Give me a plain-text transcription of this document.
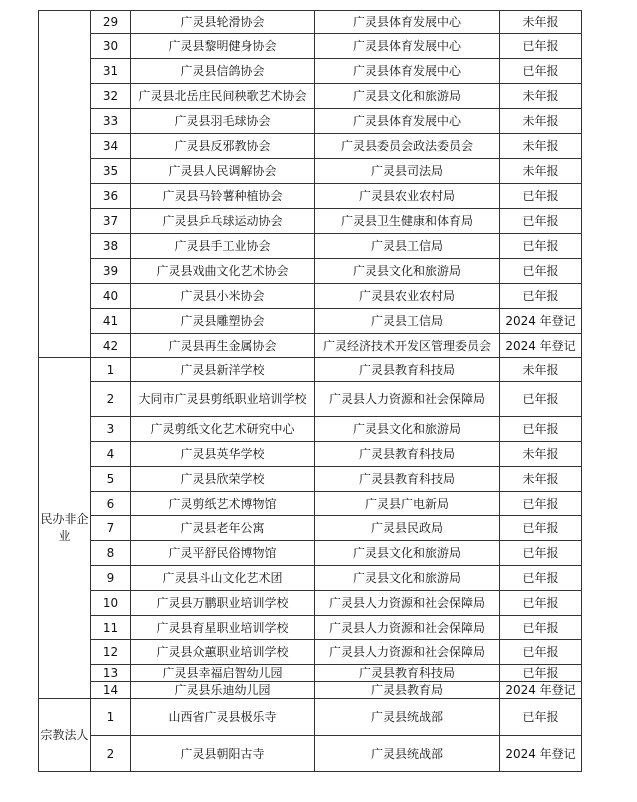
	29	广灵县轮滑协会	广灵县体育发展中心	未年报
	30	广灵县黎明健身协会	广灵县体育发展中心	已年报
	31	广灵县信鸽协会	广灵县体育发展中心	已年报
	32	广灵县北岳庄民间秧歌艺术协会	广灵县文化和旅游局	未年报
	33	广灵县羽毛球协会	广灵县体育发展中心	未年报
	34	广灵县反邪教协会	广灵县委员会政法委员会	未年报
	35	广灵县人民调解协会	广灵县司法局	未年报
	36	广灵县马铃薯种植协会	广灵县农业农村局	已年报
	37	广灵县乒乓球运动协会	广灵县卫生健康和体育局	已年报
	38	广灵县手工业协会	广灵县工信局	已年报
	39	广灵县戏曲文化艺术协会	广灵县文化和旅游局	已年报
	40	广灵县小米协会	广灵县农业农村局	已年报
	41	广灵县雕塑协会	广灵县工信局	2024 年登记
	42	广灵县再生金属协会	广灵经济技术开发区管理委员会	2024 年登记
民办非企业	1	广灵县新洋学校	广灵县教育科技局	未年报
	2	大同市广灵县剪纸职业培训学校	广灵县人力资源和社会保障局	已年报
	3	广灵剪纸文化艺术研究中心	广灵县文化和旅游局	已年报
	4	广灵县英华学校	广灵县教育科技局	未年报
	5	广灵县欣荣学校	广灵县教育科技局	未年报
	6	广灵剪纸艺术博物馆	广灵县广电新局	已年报
	7	广灵县老年公寓	广灵县民政局	已年报
	8	广灵平舒民俗博物馆	广灵县文化和旅游局	已年报
	9	广灵县斗山文化艺术团	广灵县文化和旅游局	已年报
	10	广灵县万鹏职业培训学校	广灵县人力资源和社会保障局	已年报
	11	广灵县育星职业培训学校	广灵县人力资源和社会保障局	已年报
	12	广灵县众蕙职业培训学校	广灵县人力资源和社会保障局	已年报
	13	广灵县幸福启智幼儿园	广灵县教育科技局	已年报
	14	广灵县乐迪幼儿园	广灵县教育局	2024 年登记
宗教法人	1	山西省广灵县极乐寺	广灵县统战部	已年报
	2	广灵县朝阳古寺	广灵县统战部	2024 年登记
